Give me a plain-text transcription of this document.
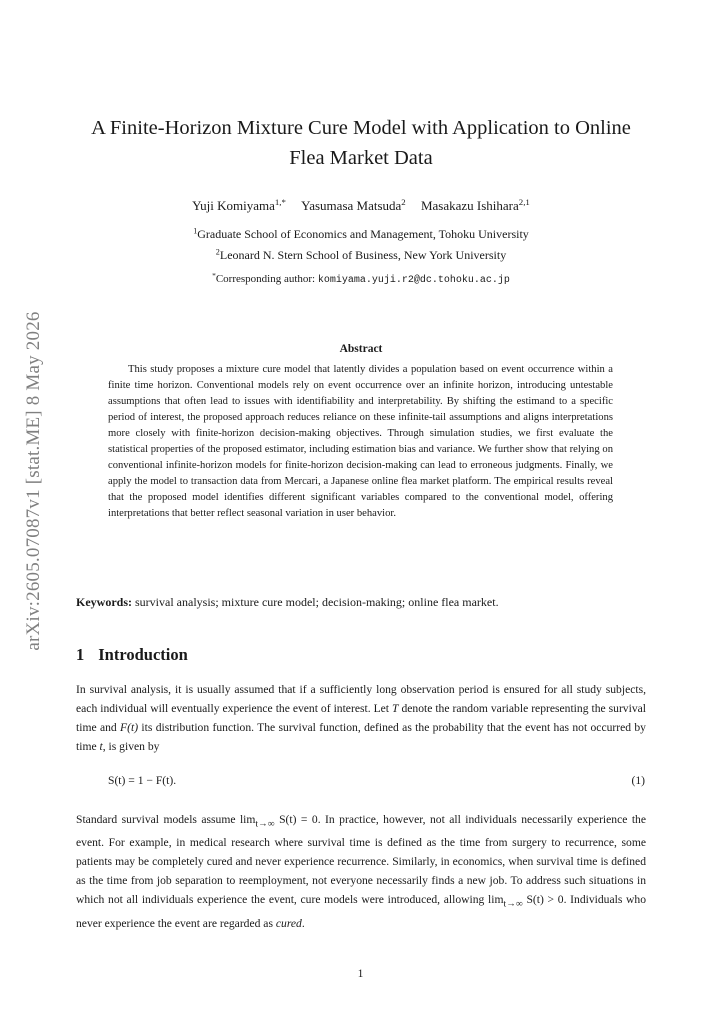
arXiv:2605.07087v1 [stat.ME] 8 May 2026
A Finite-Horizon Mixture Cure Model with Application to Online Flea Market Data
Yuji Komiyama$^{1,*}$ Yasumasa Matsuda$^2$ Masakazu Ishihara$^{2,1}$
$^1$Graduate School of Economics and Management, Tohoku University
$^2$Leonard N. Stern School of Business, New York University
*Corresponding author: komiyama.yuji.r2@dc.tohoku.ac.jp
Abstract

This study proposes a mixture cure model that latently divides a population based on event occurrence within a finite time horizon. Conventional models rely on event occurrence over an infinite horizon, introducing untestable assumptions that often lead to issues with identifiability and interpretability. By shifting the estimand to a specific period of interest, the proposed approach reduces reliance on these infinite-tail assumptions and aligns interpretations more closely with finite-horizon decision-making objectives. Through simulation studies, we first evaluate the statistical properties of the proposed estimator, including estimation bias and variance. We further show that relying on conventional infinite-horizon models for finite-horizon decision-making can lead to erroneous judgments. Finally, we apply the model to transaction data from Mercari, a Japanese online flea market platform. The empirical results reveal that the proposed model identifies different significant variables compared to the conventional model, offering interpretations that better reflect seasonal variation in user behavior.

Keywords: survival analysis; mixture cure model; decision-making; online flea market.
1 Introduction

In survival analysis, it is usually assumed that if a sufficiently long observation period is ensured for all study subjects, each individual will eventually experience the event of interest. Let T denote the random variable representing the survival time and F(t) its distribution function. The survival function, defined as the probability that the event has not occurred by time t, is given by

S(t) = 1 − F(t).	(1)

Standard survival models assume $\lim_{t\to\infty} S(t) = 0$. In practice, however, not all individuals necessarily experience the event. For example, in medical research where survival time is defined as the time from surgery to recurrence, some patients may be completely cured and never experience recurrence. Similarly, in economics, when survival time is defined as the time from job separation to reemployment, not everyone necessarily finds a new job. To address such situations in which not all individuals experience the event, cure models were introduced, allowing $\lim_{t\to\infty} S(t) > 0$. Individuals who never experience the event are regarded as cured.

1
